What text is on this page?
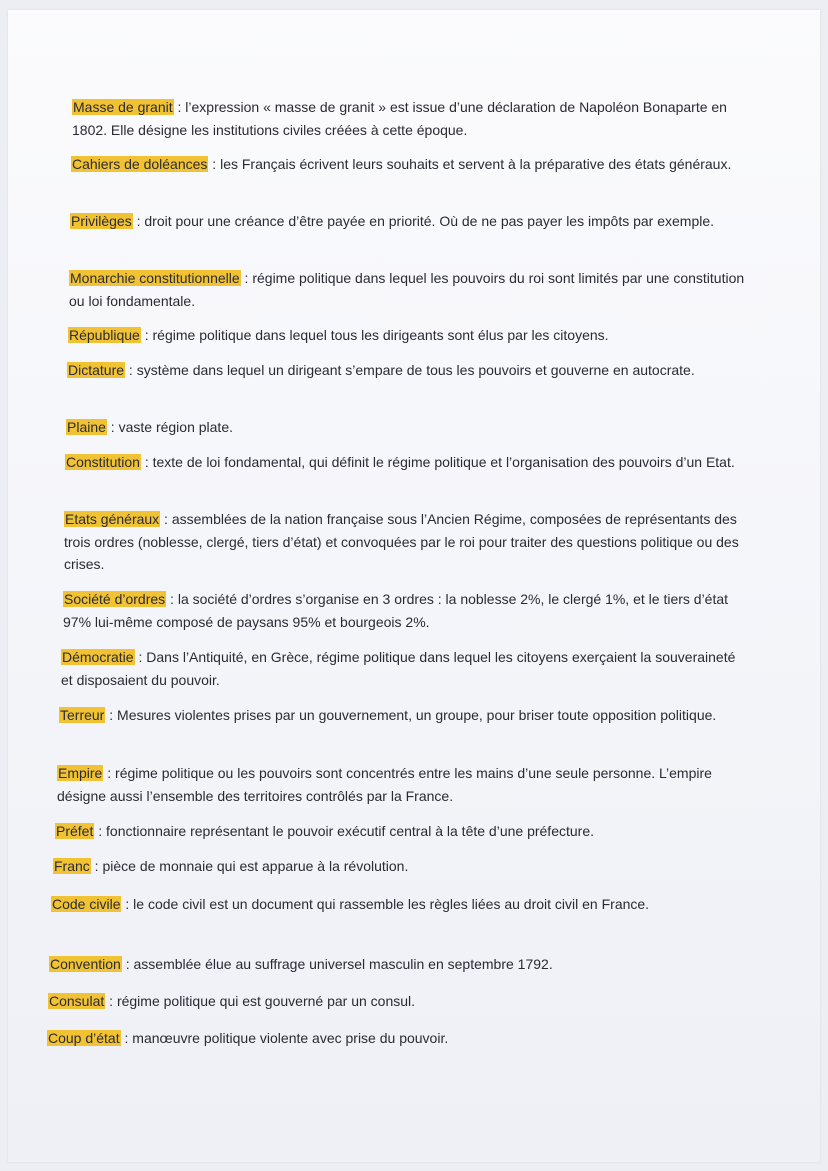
Masse de granit : l’expression « masse de granit » est issue d’une déclaration de Napoléon Bonaparte en 1802. Elle désigne les institutions civiles créées à cette époque.
Cahiers de doléances : les Français écrivent leurs souhaits et servent à la préparative des états généraux.
Privilèges : droit pour une créance d’être payée en priorité. Où de ne pas payer les impôts par exemple.
Monarchie constitutionnelle : régime politique dans lequel les pouvoirs du roi sont limités par une constitution ou loi fondamentale.
République : régime politique dans lequel tous les dirigeants sont élus par les citoyens.
Dictature : système dans lequel un dirigeant s’empare de tous les pouvoirs et gouverne en autocrate.
Plaine : vaste région plate.
Constitution : texte de loi fondamental, qui définit le régime politique et l’organisation des pouvoirs d’un Etat.
Etats généraux : assemblées de la nation française sous l’Ancien Régime, composées de représentants des trois ordres (noblesse, clergé, tiers d’état) et convoquées par le roi pour traiter des questions politique ou des crises.
Société d’ordres : la société d’ordres s’organise en 3 ordres : la noblesse 2%, le clergé 1%, et le tiers d’état 97% lui-même composé de paysans 95% et bourgeois 2%.
Démocratie : Dans l’Antiquité, en Grèce, régime politique dans lequel les citoyens exerçaient la souveraineté et disposaient du pouvoir.
Terreur : Mesures violentes prises par un gouvernement, un groupe, pour briser toute opposition politique.
Empire : régime politique ou les pouvoirs sont concentrés entre les mains d’une seule personne. L’empire désigne aussi l’ensemble des territoires contrôlés par la France.
Préfet : fonctionnaire représentant le pouvoir exécutif central à la tête d’une préfecture.
Franc : pièce de monnaie qui est apparue à la révolution.
Code civile : le code civil est un document qui rassemble les règles liées au droit civil en France.
Convention : assemblée élue au suffrage universel masculin en septembre 1792.
Consulat : régime politique qui est gouverné par un consul.
Coup d’état : manœuvre politique violente avec prise du pouvoir.
